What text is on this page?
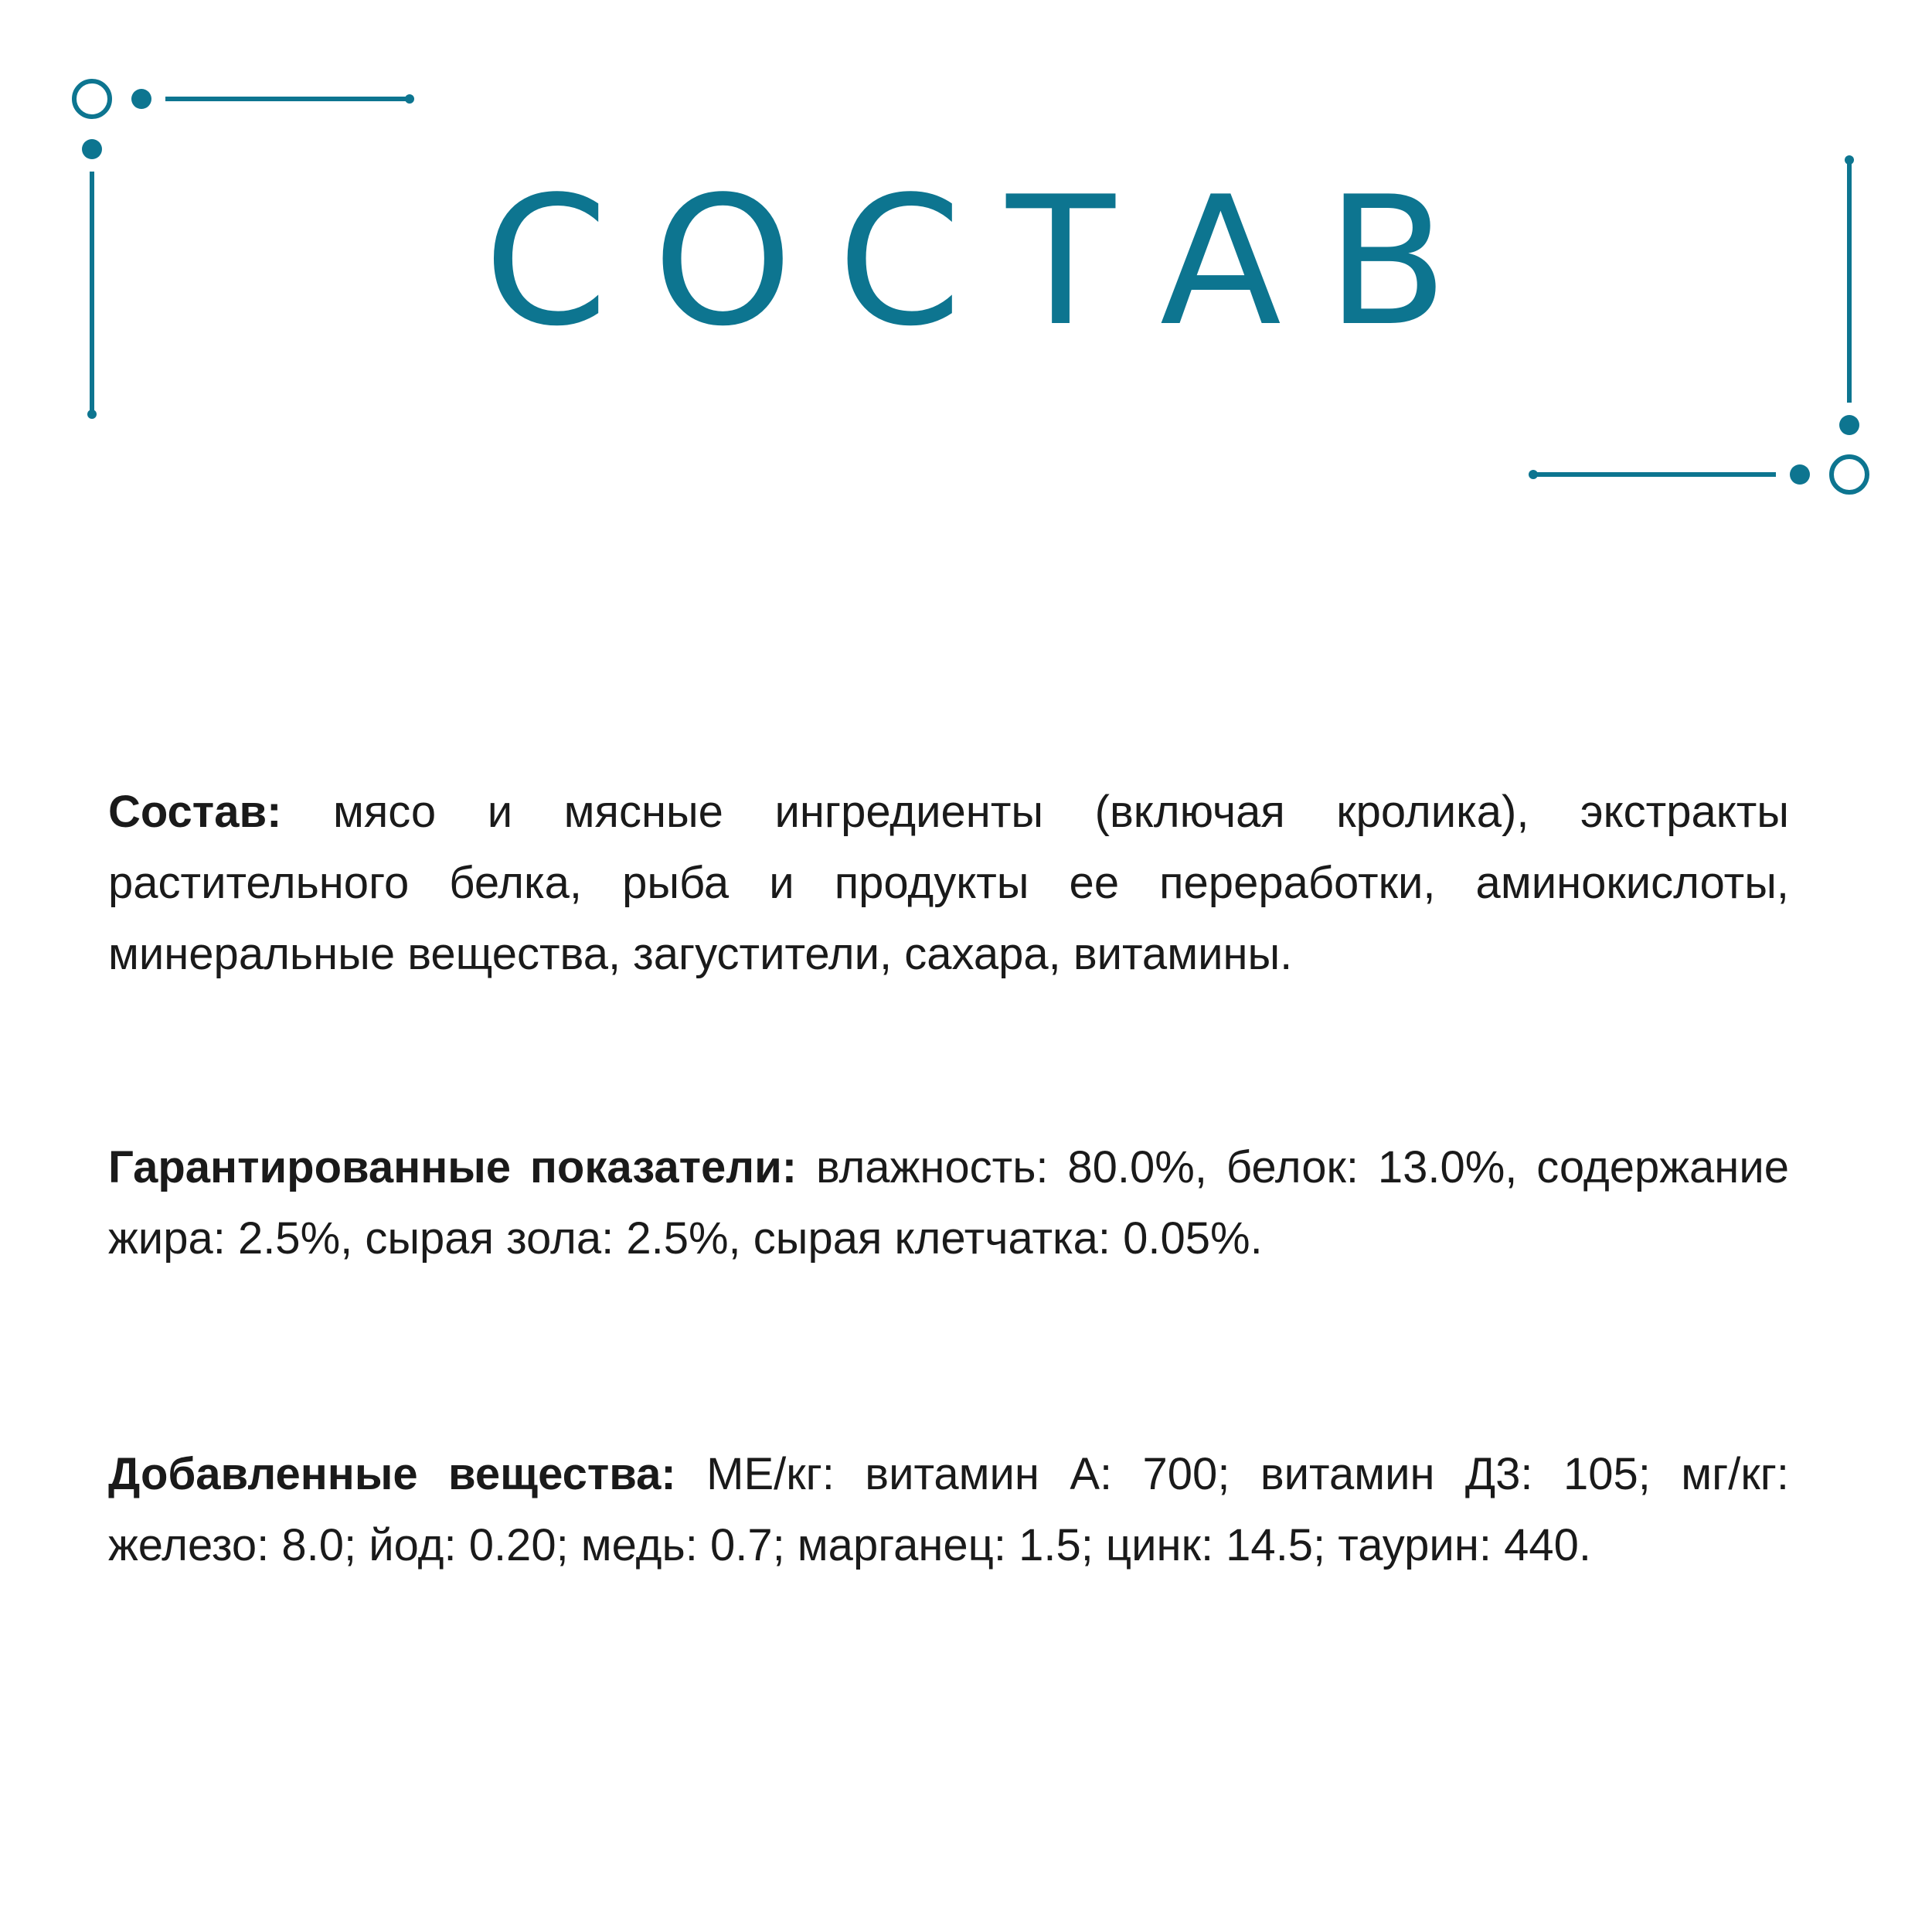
СОСТАВ

Состав: мясо и мясные ингредиенты (включая кролика), экстракты растительного белка, рыба и продукты ее переработки, аминокислоты, минеральные вещества, загустители, сахара, витамины.

Гарантированные показатели: влажность: 80.0%, белок: 13.0%, содержание жира: 2.5%, сырая зола: 2.5%, сырая клетчатка: 0.05%.

Добавленные вещества: МЕ/кг: витамин А: 700; витамин Д3: 105; мг/кг: железо: 8.0; йод: 0.20; медь: 0.7; марганец: 1.5; цинк: 14.5; таурин: 440.
